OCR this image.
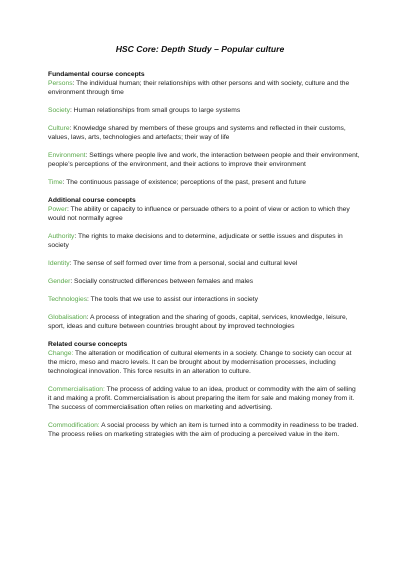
HSC Core: Depth Study – Popular culture
Fundamental course concepts

Persons: The individual human; their relationships with other persons and with society, culture and the environment through time

Society: Human relationships from small groups to large systems

Culture: Knowledge shared by members of these groups and systems and reflected in their customs, values, laws, arts, technologies and artefacts; their way of life

Environment: Settings where people live and work, the interaction between people and their environment, people’s perceptions of the environment, and their actions to improve their environment

Time: The continuous passage of existence; perceptions of the past, present and future

Additional course concepts

Power: The ability or capacity to influence or persuade others to a point of view or action to which they would not normally agree

Authority: The rights to make decisions and to determine, adjudicate or settle issues and disputes in society

Identity: The sense of self formed over time from a personal, social and cultural level

Gender: Socially constructed differences between females and males

Technologies: The tools that we use to assist our interactions in society

Globalisation: A process of integration and the sharing of goods, capital, services, knowledge, leisure, sport, ideas and culture between countries brought about by improved technologies

Related course concepts

Change: The alteration or modification of cultural elements in a society. Change to society can occur at the micro, meso and macro levels. It can be brought about by modernisation processes, including technological innovation. This force results in an alteration to culture.

Commercialisation: The process of adding value to an idea, product or commodity with the aim of selling it and making a profit. Commercialisation is about preparing the item for sale and making money from it. The success of commercialisation often relies on marketing and advertising.

Commodification: A social process by which an item is turned into a commodity in readiness to be traded. The process relies on marketing strategies with the aim of producing a perceived value in the item.
